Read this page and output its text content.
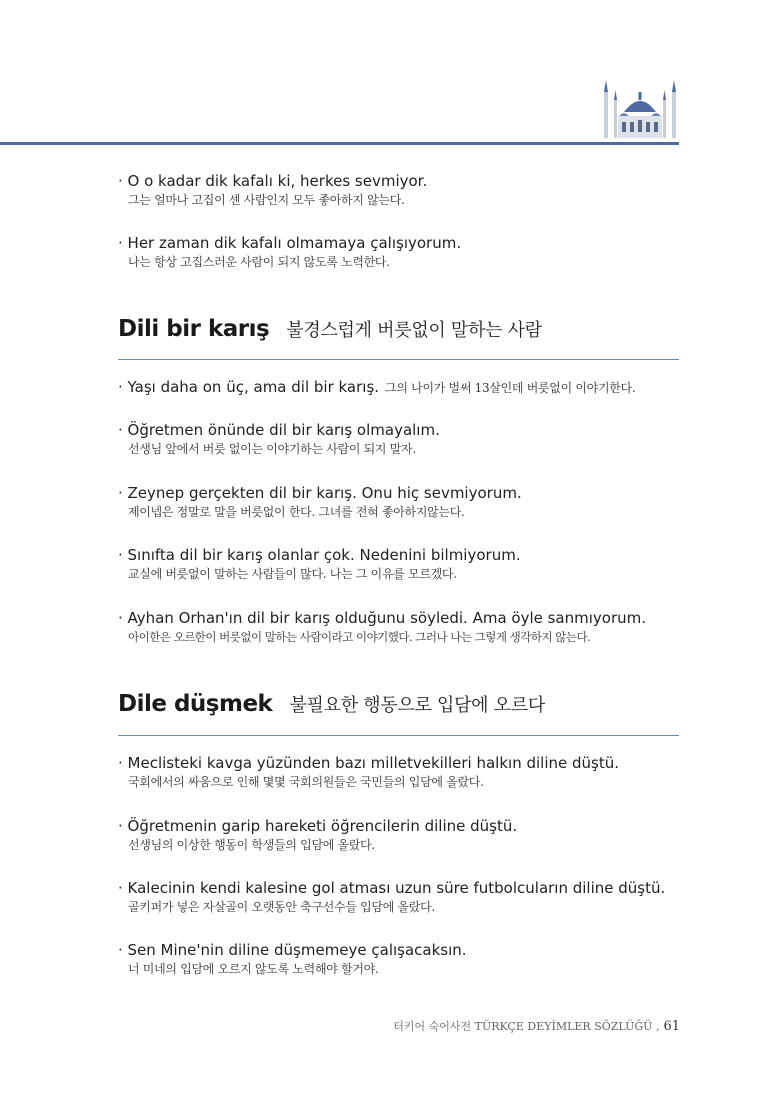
· O o kadar dik kafalı ki, herkes sevmiyor.
그는 얼마나 고집이 센 사람인지 모두 좋아하지 않는다.
· Her zaman dik kafalı olmamaya çalışıyorum.
나는 항상 고집스러운 사람이 되지 않도록 노력한다.
Dili bir karış 불경스럽게 버릇없이 말하는 사람
· Yaşı daha on üç, ama dil bir karış. 그의 나이가 벌써 13살인데 버릇없이 이야기한다.
· Öğretmen önünde dil bir karış olmayalım.
선생님 앞에서 버릇 없이는 이야기하는 사람이 되지 말자.
· Zeynep gerçekten dil bir karış. Onu hiç sevmiyorum.
제이넵은 정말로 말을 버릇없이 한다. 그녀를 전혀 좋아하지않는다.
· Sınıfta dil bir karış olanlar çok. Nedenini bilmiyorum.
교실에 버릇없이 말하는 사람들이 많다. 나는 그 이유를 모르겠다.
· Ayhan Orhan'ın dil bir karış olduğunu söyledi. Ama öyle sanmıyorum.
아이한은 오르한이 버릇없이 말하는 사람이라고 이야기했다. 그러나 나는 그렇게 생각하지 않는다.
Dile düşmek 불필요한 행동으로 입담에 오르다
· Meclisteki kavga yüzünden bazı milletvekilleri halkın diline düştü.
국회에서의 싸움으로 인해 몇몇 국회의원들은 국민들의 입담에 올랐다.
· Öğretmenin garip hareketi öğrencilerin diline düştü.
선생님의 이상한 행동이 학생들의 입담에 올랐다.
· Kalecinin kendi kalesine gol atması uzun süre futbolcuların diline düştü.
골키퍼가 넣은 자살골이 오랫동안 축구선수들 입담에 올랐다.
· Sen Mine'nin diline düşmemeye çalışacaksın.
너 미네의 입담에 오르지 않도록 노력해야 할거야.
터키어 숙어사전 TÜRKÇE DEYİMLER SÖZLÜĞÜ , 61
